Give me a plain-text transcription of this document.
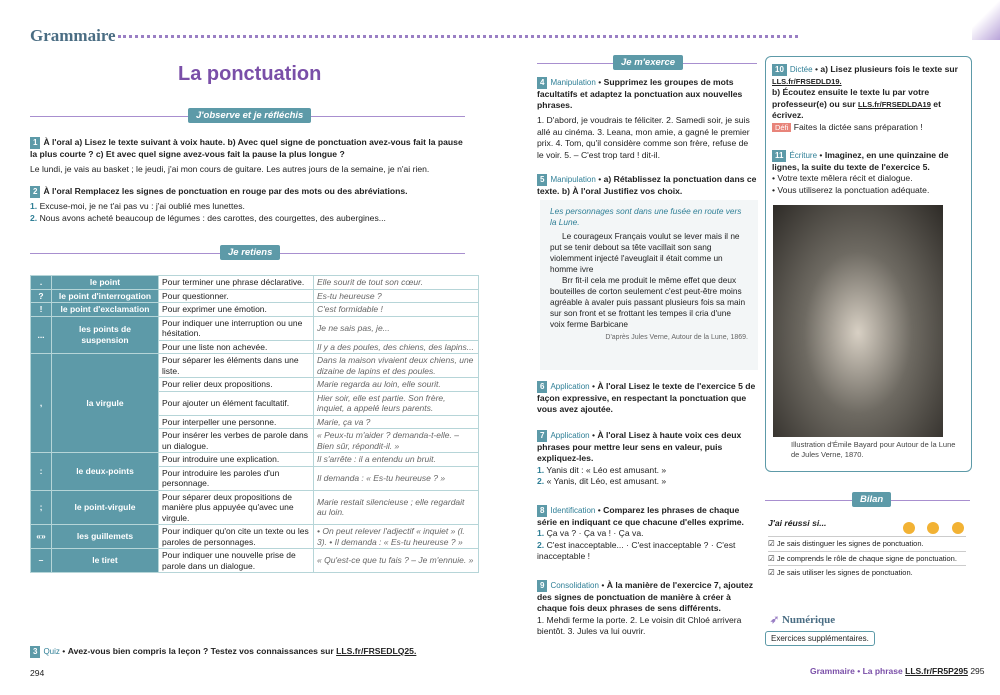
Grammaire
La ponctuation
J'observe et je réfléchis
1 À l'oral a) Lisez le texte suivant à voix haute. b) Avec quel signe de ponctuation avez-vous fait la pause la plus courte ? c) Et avec quel signe avez-vous fait la pause la plus longue ?
Le lundi, je vais au basket ; le jeudi, j'ai mon cours de guitare. Les autres jours de la semaine, je n'ai rien.
2 À l'oral Remplacez les signes de ponctuation en rouge par des mots ou des abréviations.
1. Excuse-moi, je ne t'ai pas vu : j'ai oublié mes lunettes.
2. Nous avons acheté beaucoup de légumes : des carottes, des courgettes, des aubergines...
Je retiens
.	le point	Pour terminer une phrase déclarative.	Elle sourit de tout son cœur.
?	le point d'interrogation	Pour questionner.	Es-tu heureuse ?
!	le point d'exclamation	Pour exprimer une émotion.	C'est formidable !
...	les points de suspension	Pour indiquer une interruption ou une hésitation.	Je ne sais pas, je...
		Pour une liste non achevée.	Il y a des poules, des chiens, des lapins...
,	la virgule	Pour séparer les éléments dans une liste.	Dans la maison vivaient deux chiens, une dizaine de lapins et des poules.
		Pour relier deux propositions.	Marie regarda au loin, elle sourit.
		Pour ajouter un élément facultatif.	Hier soir, elle est partie. Son frère, inquiet, a appelé leurs parents.
		Pour interpeller une personne.	Marie, ça va ?
		Pour insérer les verbes de parole dans un dialogue.	« Peux-tu m'aider ? demanda-t-elle. – Bien sûr, répondit-il. »
:	le deux-points	Pour introduire une explication.	Il s'arrête : il a entendu un bruit.
		Pour introduire les paroles d'un personnage.	Il demanda : « Es-tu heureuse ? »
;	le point-virgule	Pour séparer deux propositions de manière plus appuyée qu'avec une virgule.	Marie restait silencieuse ; elle regardait au loin.
«»	les guillemets	Pour indiquer qu'on cite un texte ou les paroles de personnages.	• On peut relever l'adjectif « inquiet » (l. 3). • Il demanda : « Es-tu heureuse ? »
–	le tiret	Pour indiquer une nouvelle prise de parole dans un dialogue.	« Qu'est-ce que tu fais ? – Je m'ennuie. »
3 Quiz • Avez-vous bien compris la leçon ? Testez vos connaissances sur LLS.fr/FRSEDLQ25.
294
Je m'exerce
4 Manipulation • Supprimez les groupes de mots facultatifs et adaptez la ponctuation aux nouvelles phrases.
1. D'abord, je voudrais te féliciter. 2. Samedi soir, je suis allé au cinéma. 3. Leana, mon amie, a gagné le premier prix. 4. Tom, qu'il considère comme son frère, refuse de le voir. 5. – C'est trop tard ! dit-il.
5 Manipulation • a) Rétablissez la ponctuation dans ce texte. b) À l'oral Justifiez vos choix.
Les personnages sont dans une fusée en route vers la Lune.
Le courageux Français voulut se lever mais il ne put se tenir debout sa tête vacillait son sang violemment injecté l'aveuglait il était comme un homme ivre
Brr fit-il cela me produit le même effet que deux bouteilles de corton seulement c'est peut-être moins agréable à avaler puis passant plusieurs fois sa main sur son front et se frottant les tempes il cria d'une voix ferme Barbicane
D'après Jules Verne, Autour de la Lune, 1869.
6 Application • À l'oral Lisez le texte de l'exercice 5 de façon expressive, en respectant la ponctuation que vous avez ajoutée.
7 Application • À l'oral Lisez à haute voix ces deux phrases pour mettre leur sens en valeur, puis expliquez-les.
1. Yanis dit : « Léo est amusant. »
2. « Yanis, dit Léo, est amusant. »
8 Identification • Comparez les phrases de chaque série en indiquant ce que chacune d'elles exprime.
1. Ça va ? · Ça va ! · Ça va.
2. C'est inacceptable... · C'est inacceptable ? · C'est inacceptable !
9 Consolidation • À la manière de l'exercice 7, ajoutez des signes de ponctuation de manière à créer à chaque fois deux phrases de sens différents.
1. Mehdi ferme la porte. 2. Le voisin dit Chloé arrivera bientôt. 3. Jules va lui ouvrir.
10 Dictée • a) Lisez plusieurs fois le texte sur LLS.fr/FRSEDLD19.
b) Écoutez ensuite le texte lu par votre professeur(e) ou sur LLS.fr/FRSEDLDA19 et écrivez.
Défi Faites la dictée sans préparation !
11 Écriture • Imaginez, en une quinzaine de lignes, la suite du texte de l'exercice 5.
• Votre texte mêlera récit et dialogue.
• Vous utiliserez la ponctuation adéquate.
Illustration d'Émile Bayard pour Autour de la Lune de Jules Verne, 1870.
Bilan
J'ai réussi si...
☑ Je sais distinguer les signes de ponctuation.
☑ Je comprends le rôle de chaque signe de ponctuation.
☑ Je sais utiliser les signes de ponctuation.
➶ Numérique
Exercices supplémentaires.
Grammaire • La phrase LLS.fr/FR5P295 295
